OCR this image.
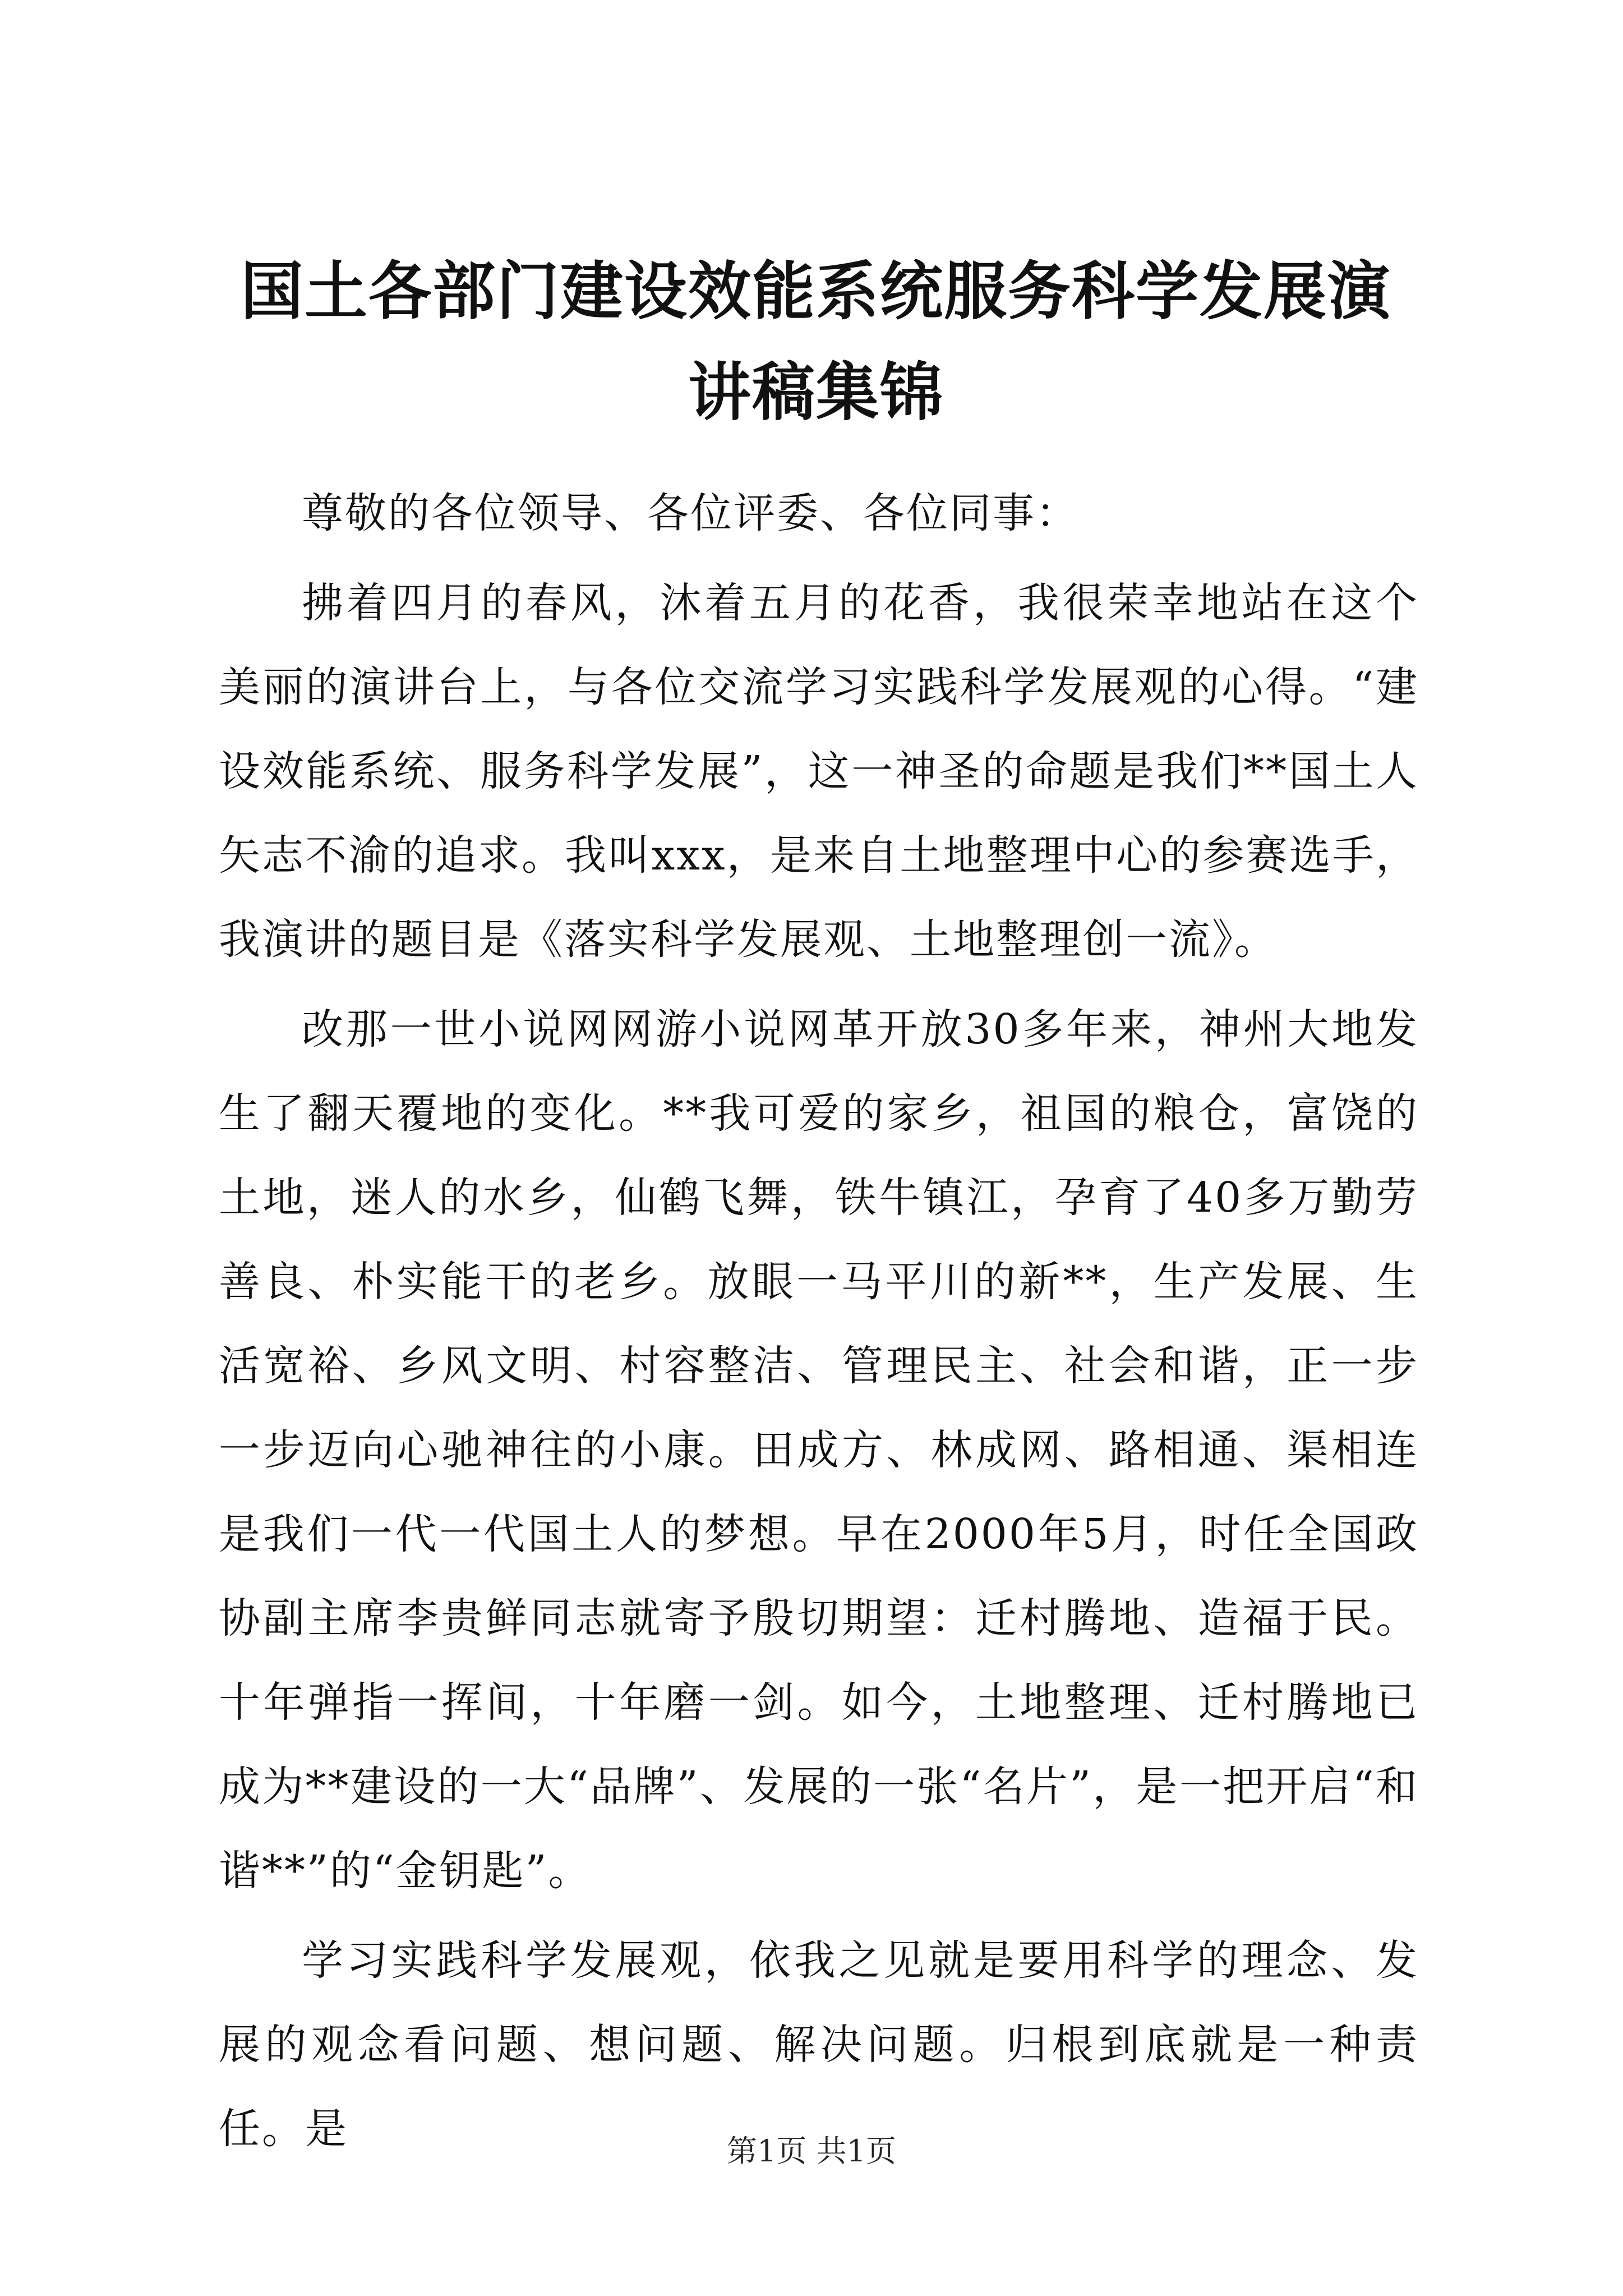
国土各部门建设效能系统服务科学发展演讲稿集锦

尊敬的各位领导、各位评委、各位同事：

拂着四月的春风，沐着五月的花香，我很荣幸地站在这个美丽的演讲台上，与各位交流学习实践科学发展观的心得。“建设效能系统、服务科学发展”，这一神圣的命题是我们**国土人矢志不渝的追求。我叫xxx，是来自土地整理中心的参赛选手，我演讲的题目是《落实科学发展观、土地整理创一流》。

改那一世小说网网游小说网革开放30多年来，神州大地发生了翻天覆地的变化。**我可爱的家乡，祖国的粮仓，富饶的土地，迷人的水乡，仙鹤飞舞，铁牛镇江，孕育了40多万勤劳善良、朴实能干的老乡。放眼一马平川的新**，生产发展、生活宽裕、乡风文明、村容整洁、管理民主、社会和谐，正一步一步迈向心驰神往的小康。田成方、林成网、路相通、渠相连是我们一代一代国土人的梦想。早在2000年5月，时任全国政协副主席李贵鲜同志就寄予殷切期望：迁村腾地、造福于民。十年弹指一挥间，十年磨一剑。如今，土地整理、迁村腾地已成为**建设的一大“品牌”、发展的一张“名片”，是一把开启“和谐**”的“金钥匙”。

学习实践科学发展观，依我之见就是要用科学的理念、发展的观念看问题、想问题、解决问题。归根到底就是一种责任。是	第1页 共1页
